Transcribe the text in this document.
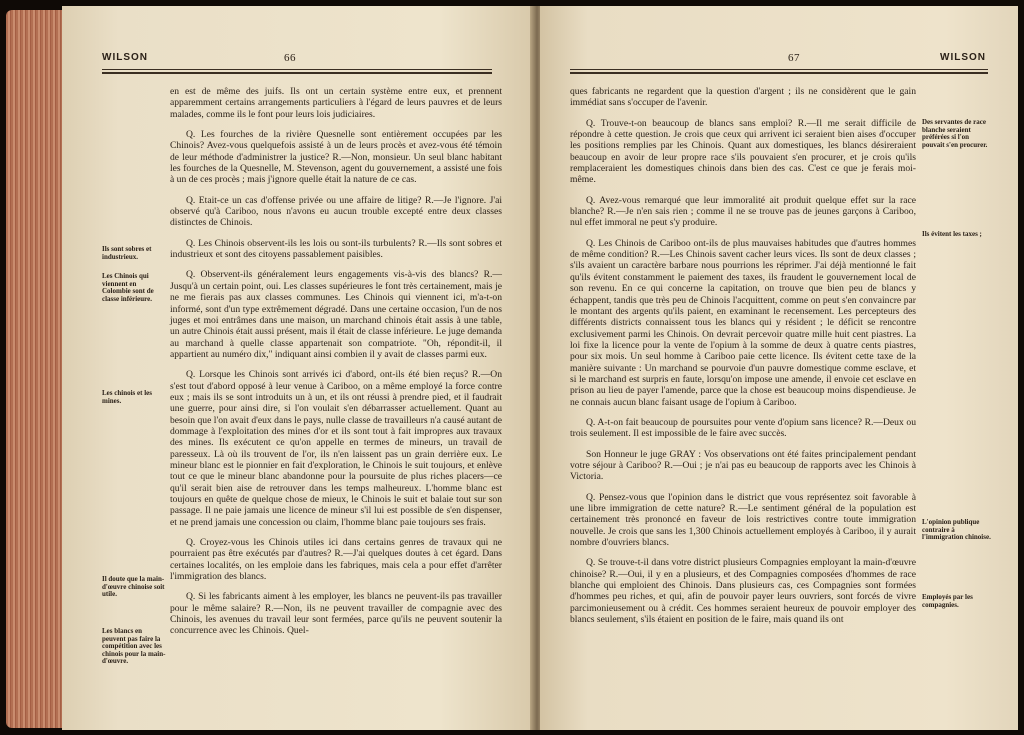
WILSON	66

en est de même des juifs. Ils ont un certain système entre eux, et prennent apparemment certains arrangements particuliers à l'égard de leurs pauvres et de leurs malades, comme ils le font pour leurs lois judiciaires.

Q. Les fourches de la rivière Quesnelle sont entièrement occupées par les Chinois? Avez-vous quelquefois assisté à un de leurs procès et avez-vous été témoin de leur méthode d'administrer la justice? R.—Non, monsieur. Un seul blanc habitant les fourches de la Quesnelle, M. Stevenson, agent du gouvernement, a assisté une fois à un de ces procès ; mais j'ignore quelle était la nature de ce cas.

Q. Etait-ce un cas d'offense privée ou une affaire de litige? R.—Je l'ignore. J'ai observé qu'à Cariboo, nous n'avons eu aucun trouble excepté entre deux classes distinctes de Chinois.

Q. Les Chinois observent-ils les lois ou sont-ils turbulents? R.—Ils sont sobres et industrieux et sont des citoyens passablement paisibles.

Q. Observent-ils généralement leurs engagements vis-à-vis des blancs? R.—Jusqu'à un certain point, oui. Les classes supérieures le font très certainement, mais je ne me fierais pas aux classes communes. Les Chinois qui viennent ici, m'a-t-on informé, sont d'un type extrêmement dégradé. Dans une certaine occasion, l'un de nos juges et moi entrâmes dans une maison, un marchand chinois était assis à une table, un autre Chinois était aussi présent, mais il était de classe inférieure. Le juge demanda au marchand à quelle classe appartenait son compatriote. "Oh, répondit-il, il appartient au numéro dix," indiquant ainsi combien il y avait de classes parmi eux.

Q. Lorsque les Chinois sont arrivés ici d'abord, ont-ils été bien reçus? R.—On s'est tout d'abord opposé à leur venue à Cariboo, on a même employé la force contre eux ; mais ils se sont introduits un à un, et ils ont réussi à prendre pied, et il faudrait une guerre, pour ainsi dire, si l'on voulait s'en débarrasser actuellement. Quant au besoin que l'on avait d'eux dans le pays, nulle classe de travailleurs n'a causé autant de dommage à l'exploitation des mines d'or et ils sont tout à fait impropres aux travaux des mines. Ils exécutent ce qu'on appelle en termes de mineurs, un travail de paresseux. Là où ils trouvent de l'or, ils n'en laissent pas un grain derrière eux. Le mineur blanc est le pionnier en fait d'exploration, le Chinois le suit toujours, et enlève tout ce que le mineur blanc abandonne pour la poursuite de plus riches placers—ce qu'il serait bien aise de retrouver dans les temps malheureux. L'homme blanc est toujours en quête de quelque chose de mieux, le Chinois le suit et balaie tout sur son passage. Il ne paie jamais une licence de mineur s'il lui est possible de s'en dispenser, et ne prend jamais une concession ou claim, l'homme blanc paie toujours ses frais.

Q. Croyez-vous les Chinois utiles ici dans certains genres de travaux qui ne pourraient pas être exécutés par d'autres? R.—J'ai quelques doutes à cet égard. Dans certaines localités, on les emploie dans les fabriques, mais cela a pour effet d'arrêter l'immigration des blancs.

Q. Si les fabricants aiment à les employer, les blancs ne peuvent-ils pas travailler pour le même salaire? R.—Non, ils ne peuvent travailler de compagnie avec des Chinois, les avenues du travail leur sont fermées, parce qu'ils ne peuvent soutenir la concurrence avec les Chinois. Quel-

Ils sont sobres et industrieux.
Les Chinois qui viennent en Colombie sont de classe inférieure.
Les chinois et les mines.
Il doute que la main-d'œuvre chinoise soit utile.
Les blancs en peuvent pas faire la compétition avec les chinois pour la main-d'œuvre.
67	WILSON

ques fabricants ne regardent que la question d'argent ; ils ne considèrent que le gain immédiat sans s'occuper de l'avenir.

Q. Trouve-t-on beaucoup de blancs sans emploi? R.—Il me serait difficile de répondre à cette question. Je crois que ceux qui arrivent ici seraient bien aises d'occuper les positions remplies par les Chinois. Quant aux domestiques, les blancs désireraient beaucoup en avoir de leur propre race s'ils pouvaient s'en procurer, et je crois qu'ils remplaceraient les domestiques chinois dans bien des cas. C'est ce que je ferais moi-même.

Q. Avez-vous remarqué que leur immoralité ait produit quelque effet sur la race blanche? R.—Je n'en sais rien ; comme il ne se trouve pas de jeunes garçons à Cariboo, nul effet immoral ne peut s'y produire.

Q. Les Chinois de Cariboo ont-ils de plus mauvaises habitudes que d'autres hommes de même condition? R.—Les Chinois savent cacher leurs vices. Ils sont de deux classes ; s'ils avaient un caractère barbare nous pourrions les réprimer. J'ai déjà mentionné le fait qu'ils évitent constamment le paiement des taxes, ils fraudent le gouvernement local de son revenu. En ce qui concerne la capitation, on trouve que bien peu de blancs y échappent, tandis que très peu de Chinois l'acquittent, comme on peut s'en convaincre par le montant des argents qu'ils paient, en examinant le recensement. Les percepteurs des différents districts connaissent tous les blancs qui y résident ; le déficit se rencontre exclusivement parmi les Chinois. On devrait percevoir quatre mille huit cent piastres. La loi fixe la licence pour la vente de l'opium à la somme de deux à quatre cents piastres, pour six mois. Un seul homme à Cariboo paie cette licence. Ils évitent cette taxe de la manière suivante : Un marchand se pourvoie d'un pauvre domestique comme esclave, et si le marchand est surpris en faute, lorsqu'on impose une amende, il envoie cet esclave en prison au lieu de payer l'amende, parce que la chose est beaucoup moins dispendieuse. Je ne connais aucun blanc faisant usage de l'opium à Cariboo.

Q. A-t-on fait beaucoup de poursuites pour vente d'opium sans licence? R.—Deux ou trois seulement. Il est impossible de le faire avec succès.

Son Honneur le juge GRAY : Vos observations ont été faites principalement pendant votre séjour à Cariboo? R.—Oui ; je n'ai pas eu beaucoup de rapports avec les Chinois à Victoria.

Q. Pensez-vous que l'opinion dans le district que vous représentez soit favorable à une libre immigration de cette nature? R.—Le sentiment général de la population est certainement très prononcé en faveur de lois restrictives contre toute immigration nouvelle. Je crois que sans les 1,300 Chinois actuellement employés à Cariboo, il y aurait nombre d'ouvriers blancs.

Q. Se trouve-t-il dans votre district plusieurs Compagnies employant la main-d'œuvre chinoise? R.—Oui, il y en a plusieurs, et des Compagnies composées d'hommes de race blanche qui emploient des Chinois. Dans plusieurs cas, ces Compagnies sont formées d'hommes peu riches, et qui, afin de pouvoir payer leurs ouvriers, sont forcés de vivre parcimonieusement ou à crédit. Ces hommes seraient heureux de pouvoir employer des blancs seulement, s'ils étaient en position de le faire, mais quand ils ont

Des servantes de race blanche seraient préférées si l'on pouvait s'en procurer.
Ils évitent les taxes ;
L'opinion publique contraire à l'immigration chinoise.
Employés par les compagnies.
